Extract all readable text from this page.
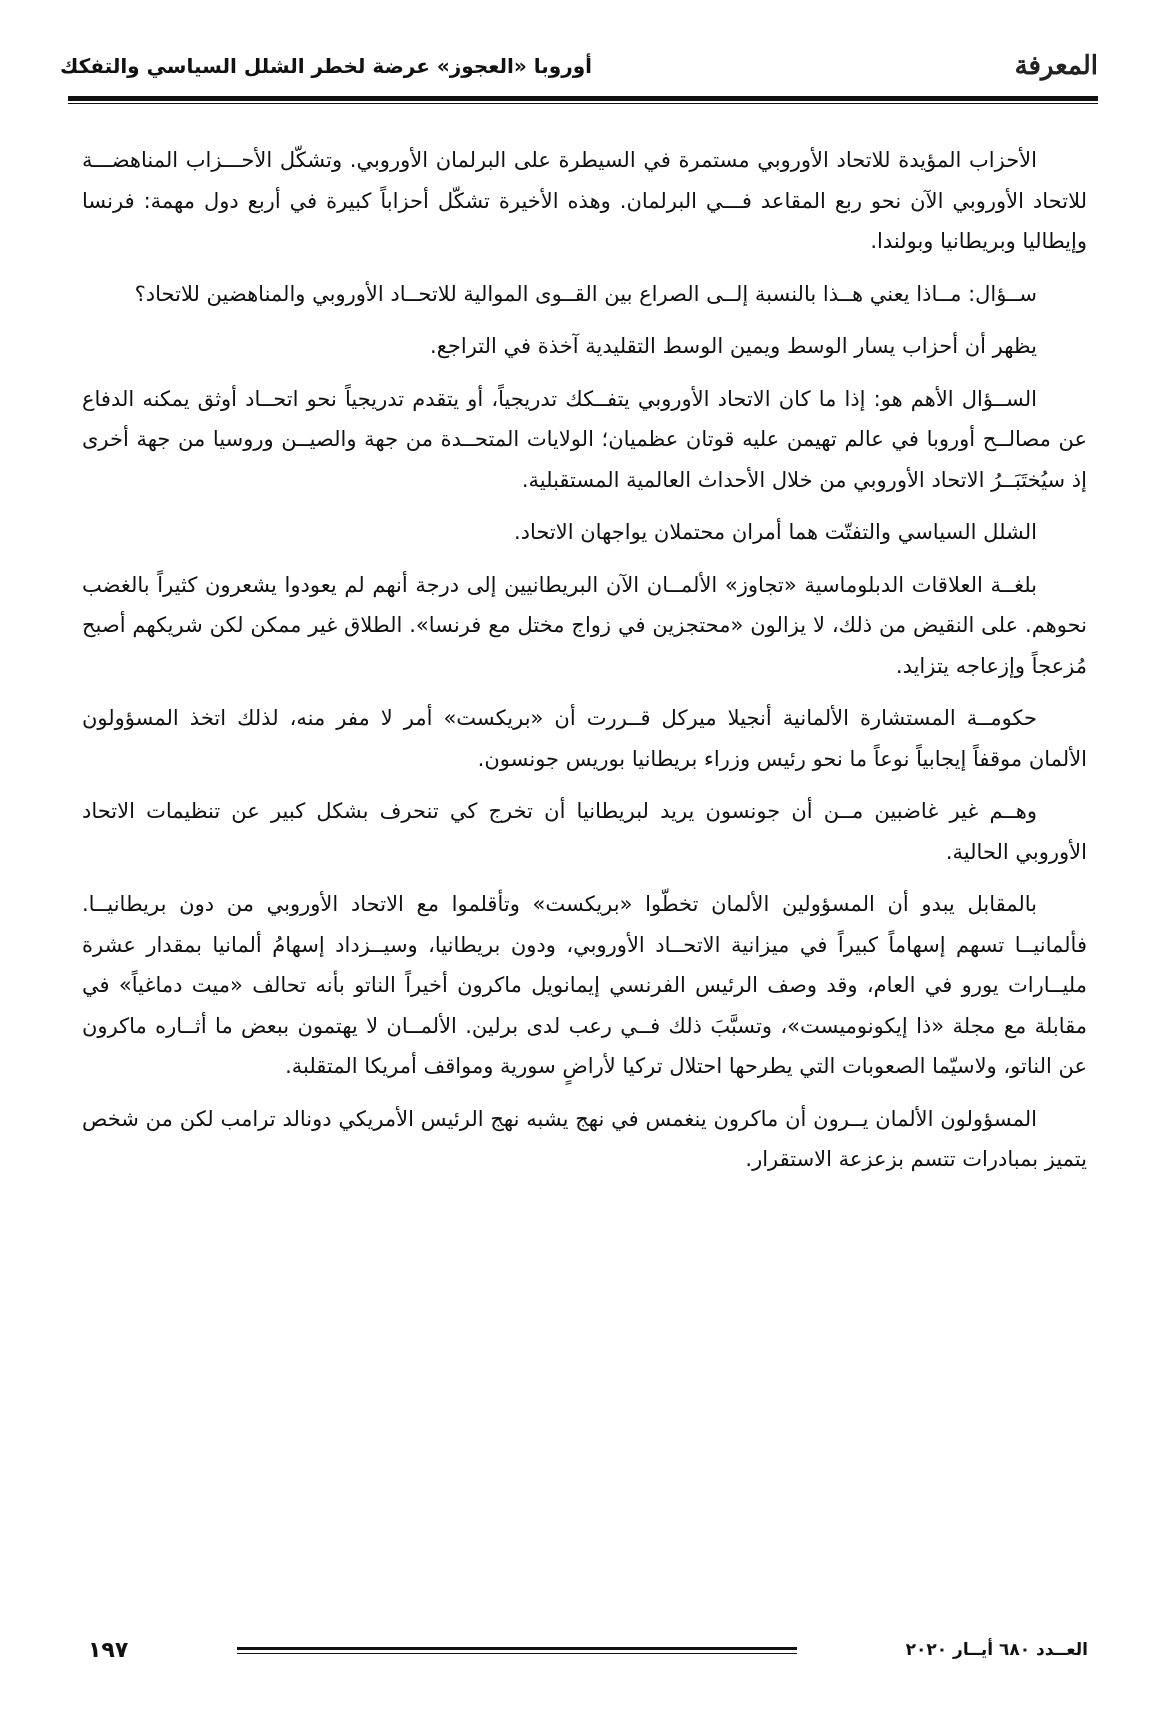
المعرفة
أوروبا «العجوز» عرضة لخطر الشلل السياسي والتفكك

الأحزاب المؤيدة للاتحاد الأوروبي مستمرة في السيطرة على البرلمان الأوروبي. وتشكّل الأحـــزاب المناهضـــة للاتحاد الأوروبي الآن نحو ربع المقاعد فـــي البرلمان. وهذه الأخيرة تشكّل أحزاباً كبيرة في أربع دول مهمة: فرنسا وإيطاليا وبريطانيا وبولندا.

ســؤال: مــاذا يعني هــذا بالنسبة إلــى الصراع بين القــوى الموالية للاتحــاد الأوروبي والمناهضين للاتحاد؟

يظهر أن أحزاب يسار الوسط ويمين الوسط التقليدية آخذة في التراجع.

الســؤال الأهم هو: إذا ما كان الاتحاد الأوروبي يتفــكك تدريجياً، أو يتقدم تدريجياً نحو اتحــاد أوثق يمكنه الدفاع عن مصالــح أوروبا في عالم تهيمن عليه قوتان عظميان؛ الولايات المتحــدة من جهة والصيــن وروسيا من جهة أخرى إذ سيُختَبَــرُ الاتحاد الأوروبي من خلال الأحداث العالمية المستقبلية.

الشلل السياسي والتفتّت هما أمران محتملان يواجهان الاتحاد.

بلغــة العلاقات الدبلوماسية «تجاوز» الألمــان الآن البريطانيين إلى درجة أنهم لم يعودوا يشعرون كثيراً بالغضب نحوهم. على النقيض من ذلك، لا يزالون «محتجزين في زواج مختل مع فرنسا». الطلاق غير ممكن لكن شريكهم أصبح مُزعجاً وإزعاجه يتزايد.

حكومــة المستشارة الألمانية أنجيلا ميركل قــررت أن «بريكست» أمر لا مفر منه، لذلك اتخذ المسؤولون الألمان موقفاً إيجابياً نوعاً ما نحو رئيس وزراء بريطانيا بوريس جونسون.

وهــم غير غاضبين مــن أن جونسون يريد لبريطانيا أن تخرج كي تنحرف بشكل كبير عن تنظيمات الاتحاد الأوروبي الحالية.

بالمقابل يبدو أن المسؤولين الألمان تخطّوا «بريكست» وتأقلموا مع الاتحاد الأوروبي من دون بريطانيــا. فألمانيــا تسهم إسهاماً كبيراً في ميزانية الاتحــاد الأوروبي، ودون بريطانيا، وسيــزداد إسهامُ ألمانيا بمقدار عشرة مليــارات يورو في العام، وقد وصف الرئيس الفرنسي إيمانويل ماكرون أخيراً الناتو بأنه تحالف «ميت دماغياً» في مقابلة مع مجلة «ذا إيكونوميست»، وتسبَّبَ ذلك فــي رعب لدى برلين. الألمــان لا يهتمون ببعض ما أثــاره ماكرون عن الناتو، ولاسيّما الصعوبات التي يطرحها احتلال تركيا لأراضٍ سورية ومواقف أمريكا المتقلبة.

المسؤولون الألمان يــرون أن ماكرون ينغمس في نهج يشبه نهج الرئيس الأمريكي دونالد ترامب لكن من شخص يتميز بمبادرات تتسم بزعزعة الاستقرار.

العــدد ٦٨٠ أيــار ٢٠٢٠
١٩٧
